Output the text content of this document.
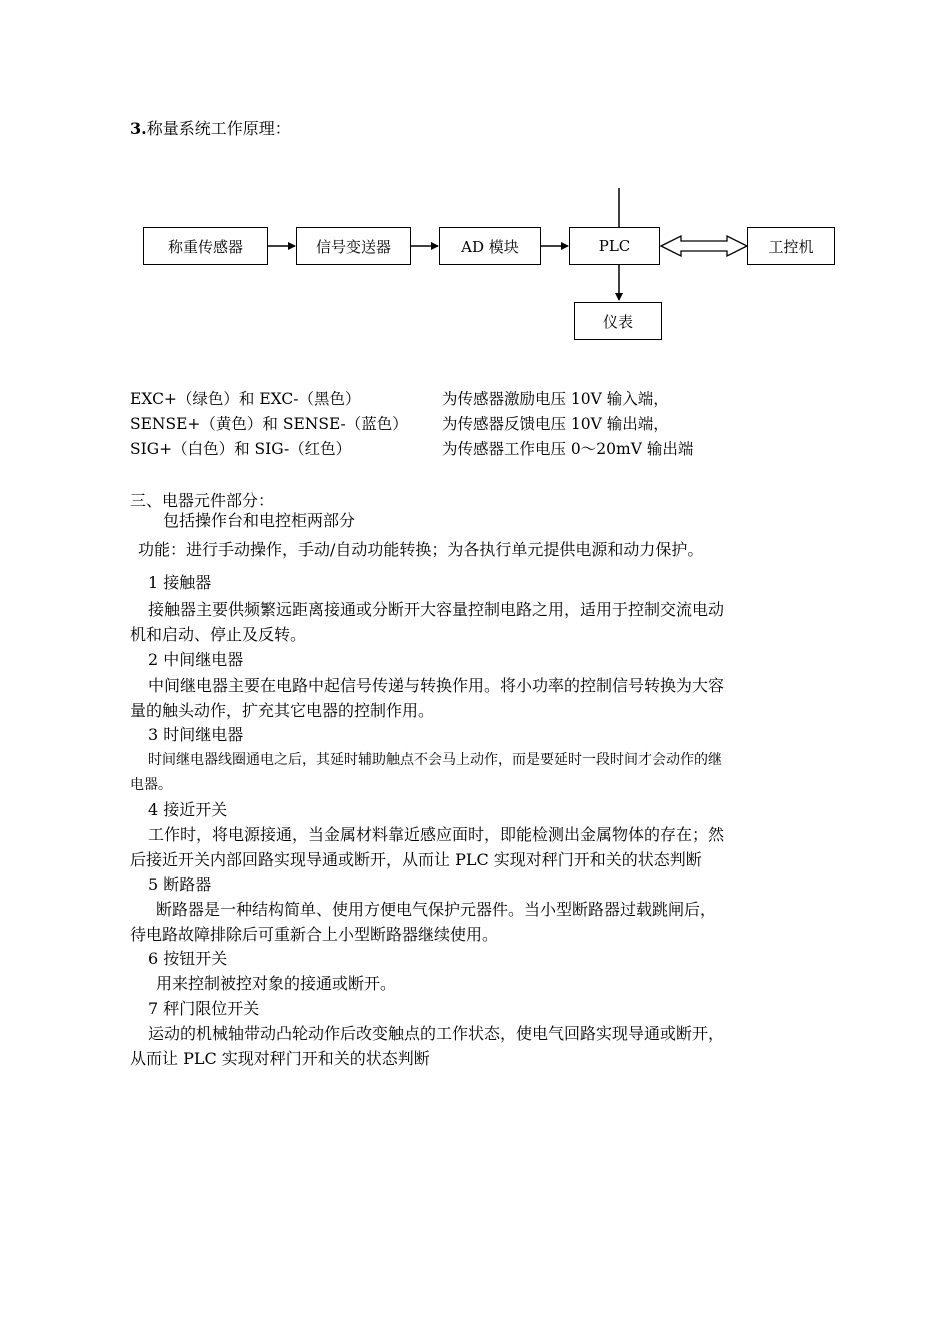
3.称量系统工作原理：
称重传感器	信号变送器	AD 模块	PLC	工控机
仪表
EXC+（绿色）和 EXC-（黑色）	为传感器激励电压 10V 输入端，
SENSE+（黄色）和 SENSE-（蓝色） 为传感器反馈电压 10V 输出端，
SIG+（白色）和 SIG-（红色）	为传感器工作电压 0～20mV 输出端
三、电器元件部分：
包括操作台和电控柜两部分
功能：进行手动操作，手动/自动功能转换；为各执行单元提供电源和动力保护。
1 接触器
接触器主要供频繁远距离接通或分断开大容量控制电路之用，适用于控制交流电动
机和启动、停止及反转。
2 中间继电器
中间继电器主要在电路中起信号传递与转换作用。将小功率的控制信号转换为大容
量的触头动作，扩充其它电器的控制作用。
3 时间继电器
时间继电器线圈通电之后，其延时辅助触点不会马上动作，而是要延时一段时间才会动作的继
电器。
4 接近开关
工作时，将电源接通，当金属材料靠近感应面时，即能检测出金属物体的存在；然
后接近开关内部回路实现导通或断开，从而让 PLC 实现对秤门开和关的状态判断
5 断路器
断路器是一种结构简单、使用方便电气保护元器件。当小型断路器过载跳闸后，
待电路故障排除后可重新合上小型断路器继续使用。
6 按钮开关
用来控制被控对象的接通或断开。
7 秤门限位开关
运动的机械轴带动凸轮动作后改变触点的工作状态，使电气回路实现导通或断开，
从而让 PLC 实现对秤门开和关的状态判断
